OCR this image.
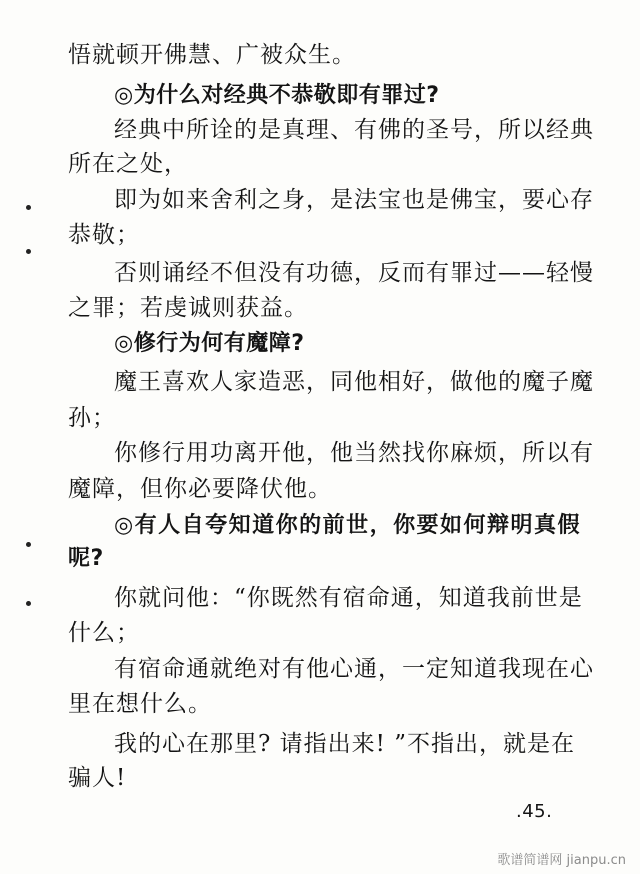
悟就顿开佛慧、广被众生。
◎为什么对经典不恭敬即有罪过?
经典中所诠的是真理、有佛的圣号，所以经典
所在之处，
即为如来舍利之身，是法宝也是佛宝，要心存
恭敬；
否则诵经不但没有功德，反而有罪过——轻慢
之罪；若虔诚则获益。
◎修行为何有魔障?
魔王喜欢人家造恶，同他相好，做他的魔子魔
孙；
你修行用功离开他，他当然找你麻烦，所以有
魔障，但你必要降伏他。
◎有人自夸知道你的前世，你要如何辩明真假
呢?
你就问他：“你既然有宿命通，知道我前世是
什么；
有宿命通就绝对有他心通，一定知道我现在心
里在想什么。
我的心在那里? 请指出来! ”不指出，就是在
骗人!
.45.
歌谱简谱网 jianpu.cn
